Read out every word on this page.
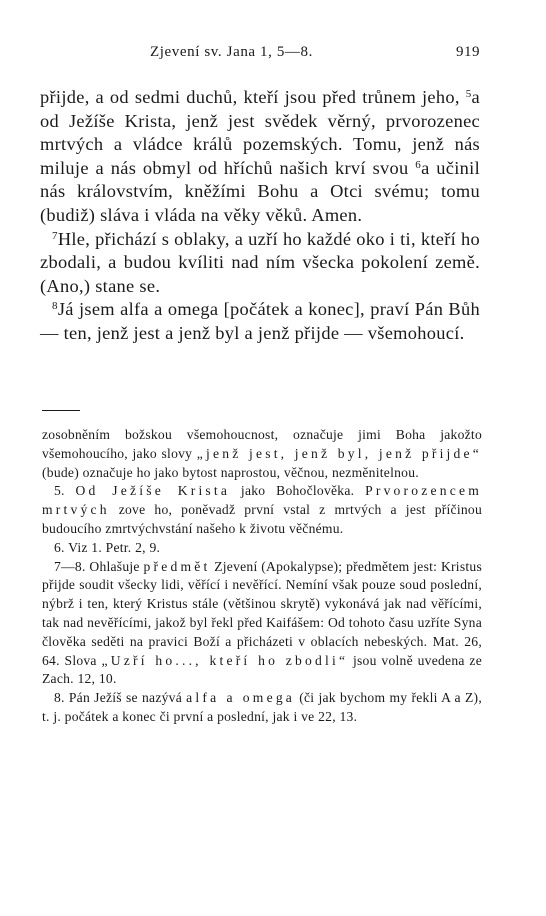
Zjevení sv. Jana 1, 5—8.	919

přijde, a od sedmi duchů, kteří jsou před trůnem jeho, $^5$a od Ježíše Krista, jenž jest svědek věrný, prvorozenec mrtvých a vládce králů pozemských. Tomu, jenž nás miluje a nás obmyl od hříchů našich krví svou $^6$a učinil nás královstvím, kněžími Bohu a Otci svému; tomu (budiž) sláva i vláda na věky věků. Amen.

$^7$Hle, přichází s oblaky, a uzří ho každé oko i ti, kteří ho zbodali, a budou kvíliti nad ním všecka pokolení země. (Ano,) stane se.

$^8$Já jsem alfa a omega [počátek a konec], praví Pán Bůh — ten, jenž jest a jenž byl a jenž přijde — všemohoucí.

zosobněním božskou všemohoucnost, označuje jimi Boha jakožto všemohoucího, jako slovy „jenž jest, jenž byl, jenž přijde“ (bude) označuje ho jako bytost naprostou, věčnou, nezměnitelnou.

5. Od Ježíše Krista jako Bohočlověka. Prvorozencem mrtvých zove ho, poněvadž první vstal z mrtvých a jest příčinou budoucího zmrtvýchvstání našeho k životu věčnému.

6. Viz 1. Petr. 2, 9.

7—8. Ohlašuje předmět Zjevení (Apokalypse); předmětem jest: Kristus přijde soudit všecky lidi, věřící i nevěřící. Nemíní však pouze soud poslední, nýbrž i ten, který Kristus stále (většinou skrytě) vykonává jak nad věřícími, tak nad nevěřícími, jakož byl řekl před Kaifášem: Od tohoto času uzříte Syna člověka seděti na pravici Boží a přicházeti v oblacích nebeských. Mat. 26, 64. Slova „Uzří ho..., kteří ho zbodli“ jsou volně uvedena ze Zach. 12, 10.

8. Pán Ježíš se nazývá alfa a omega (či jak bychom my řekli A a Z), t. j. počátek a konec či první a poslední, jak i ve 22, 13.
